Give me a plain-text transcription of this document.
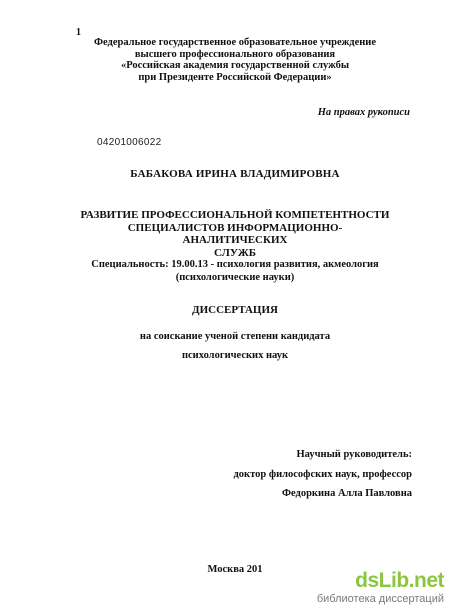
1
Федеральное государственное образовательное учреждение
высшего профессионального образования
«Российская академия государственной службы
при Президенте Российской Федерации»
На правах рукописи
04201006022
БАБАКОВА ИРИНА ВЛАДИМИРОВНА
РАЗВИТИЕ ПРОФЕССИОНАЛЬНОЙ КОМПЕТЕНТНОСТИ
СПЕЦИАЛИСТОВ ИНФОРМАЦИОННО-АНАЛИТИЧЕСКИХ
СЛУЖБ
Специальность: 19.00.13 - психология развития, акмеология
(психологические науки)
ДИССЕРТАЦИЯ
на соискание ученой степени кандидата
психологических наук
Научный руководитель:
доктор философских наук, профессор
Федоркина Алла Павловна
Москва 201	dsLib.net
библиотека диссертаций
